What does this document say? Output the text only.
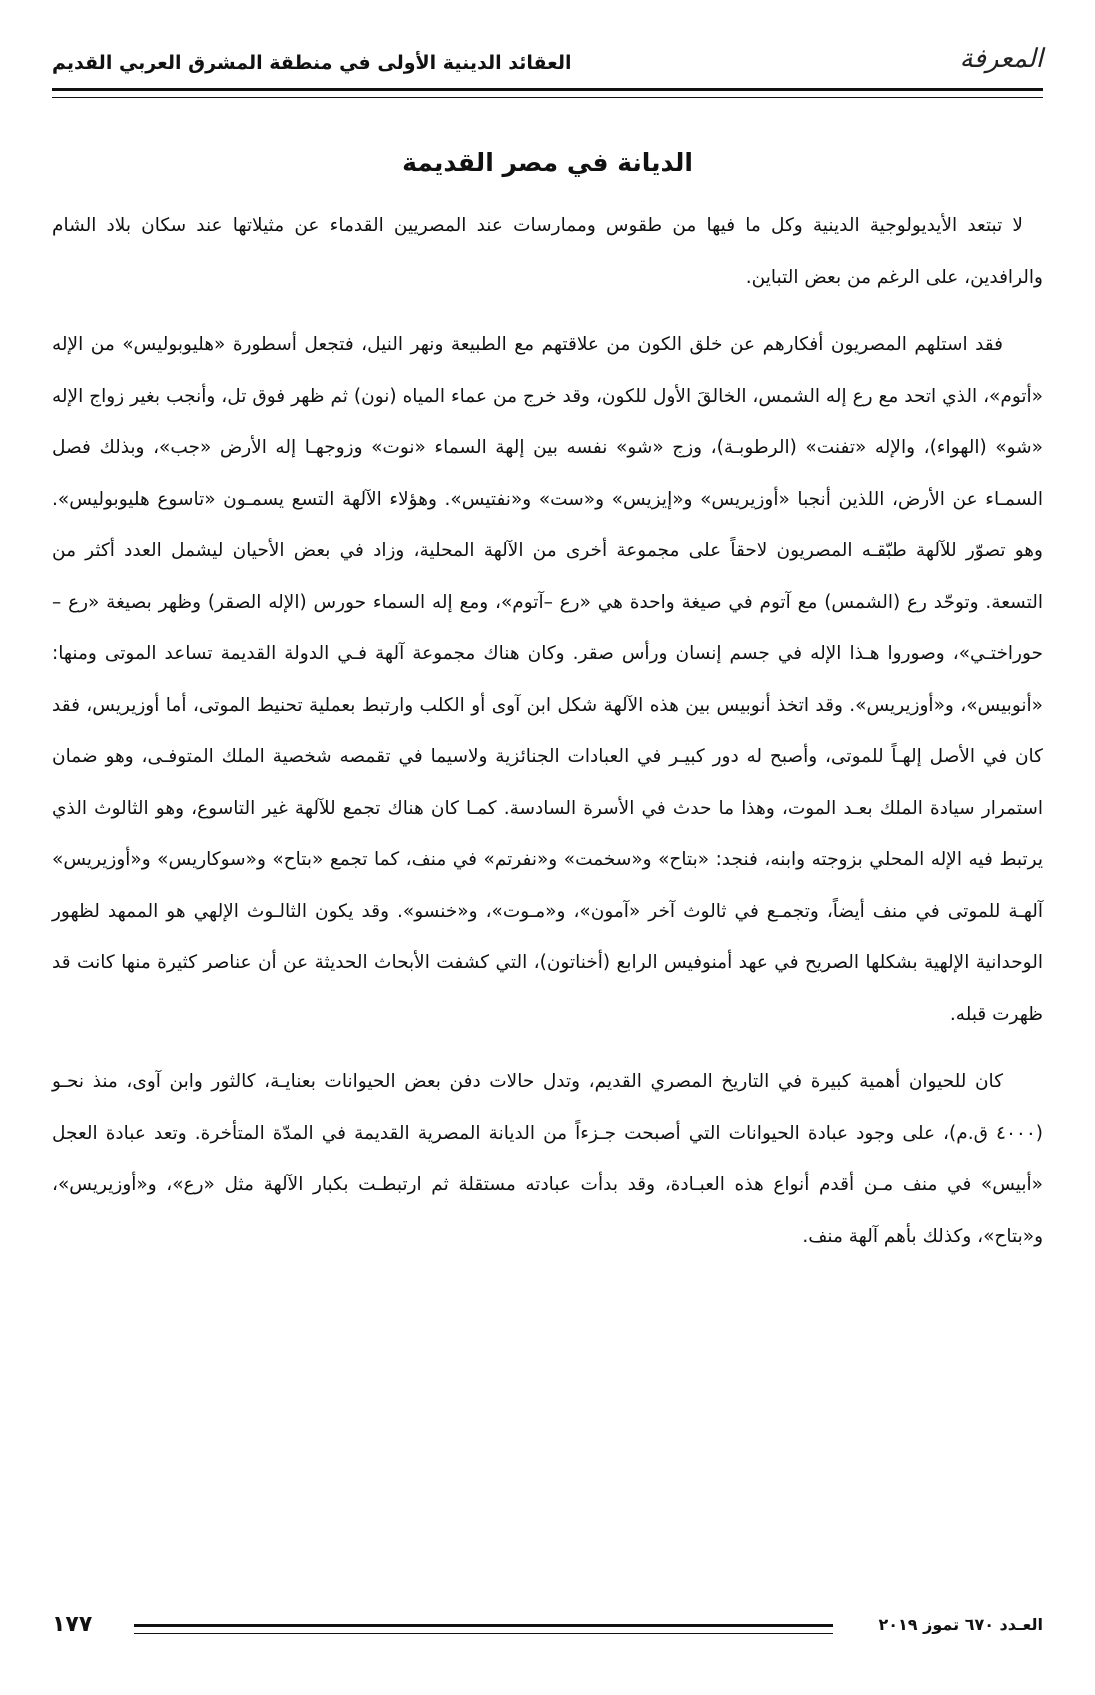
المعرفة
العقائد الدينية الأولى في منطقة المشرق العربي القديم
الديانة في مصر القديمة

لا تبتعد الأيديولوجية الدينية وكل ما فيها من طقوس وممارسات عند المصريين القدماء عن مثيلاتها عند سكان بلاد الشام والرافدين، على الرغم من بعض التباين.

فقد استلهم المصريون أفكارهم عن خلق الكون من علاقتهم مع الطبيعة ونهر النيل، فتجعل أسطورة «هليوبوليس» من الإله «أتوم»، الذي اتحد مع رع إله الشمس، الخالقَ الأول للكون، وقد خرج من عماء المياه (نون) ثم ظهر فوق تل، وأنجب بغير زواج الإله «شو» (الهواء)، والإله «تفنت» (الرطوبـة)، وزج «شو» نفسه بين إلهة السماء «نوت» وزوجهـا إله الأرض «جب»، وبذلك فصل السمـاء عن الأرض، اللذين أنجبا «أوزيريس» و«إيزيس» و«ست» و«نفتيس». وهؤلاء الآلهة التسع يسمـون «تاسوع هليوبوليس». وهو تصوّر للآلهة طبّقـه المصريون لاحقاً على مجموعة أخرى من الآلهة المحلية، وزاد في بعض الأحيان ليشمل العدد أكثر من التسعة. وتوحّد رع (الشمس) مع آتوم في صيغة واحدة هي «رع –آتوم»، ومع إله السماء حورس (الإله الصقر) وظهر بصيغة «رع – حوراختـي»، وصوروا هـذا الإله في جسم إنسان ورأس صقر. وكان هناك مجموعة آلهة فـي الدولة القديمة تساعد الموتى ومنها: «أنوبيس»، و«أوزيريس». وقد اتخذ أنوبيس بين هذه الآلهة شكل ابن آوى أو الكلب وارتبط بعملية تحنيط الموتى، أما أوزيريس، فقد كان في الأصل إلهـاً للموتى، وأصبح له دور كبيـر في العبادات الجنائزية ولاسيما في تقمصه شخصية الملك المتوفـى، وهو ضمان استمرار سيادة الملك بعـد الموت، وهذا ما حدث في الأسرة السادسة. كمـا كان هناك تجمع للآلهة غير التاسوع، وهو الثالوث الذي يرتبط فيه الإله المحلي بزوجته وابنه، فنجد: «بتاح» و«سخمت» و«نفرتم» في منف، كما تجمع «بتاح» و«سوكاريس» و«أوزيريس» آلهـة للموتى في منف أيضاً، وتجمـع في ثالوث آخر «آمون»، و«مـوت»، و«خنسو». وقد يكون الثالـوث الإلهي هو الممهد لظهور الوحدانية الإلهية بشكلها الصريح في عهد أمنوفيس الرابع (أخناتون)، التي كشفت الأبحاث الحديثة عن أن عناصر كثيرة منها كانت قد ظهرت قبله.

كان للحيوان أهمية كبيرة في التاريخ المصري القديم، وتدل حالات دفن بعض الحيوانات بعنايـة، كالثور وابن آوى، منذ نحـو (٤٠٠٠ ق.م)، على وجود عبادة الحيوانات التي أصبحت جـزءاً من الديانة المصرية القديمة في المدّة المتأخرة. وتعد عبادة العجل «أبيس» في منف مـن أقدم أنواع هذه العبـادة، وقد بدأت عبادته مستقلة ثم ارتبطـت بكبار الآلهة مثل «رع»، و«أوزيريس»، و«بتاح»، وكذلك بأهم آلهة منف.

العـدد ٦٧٠ تموز ٢٠١٩
١٧٧
